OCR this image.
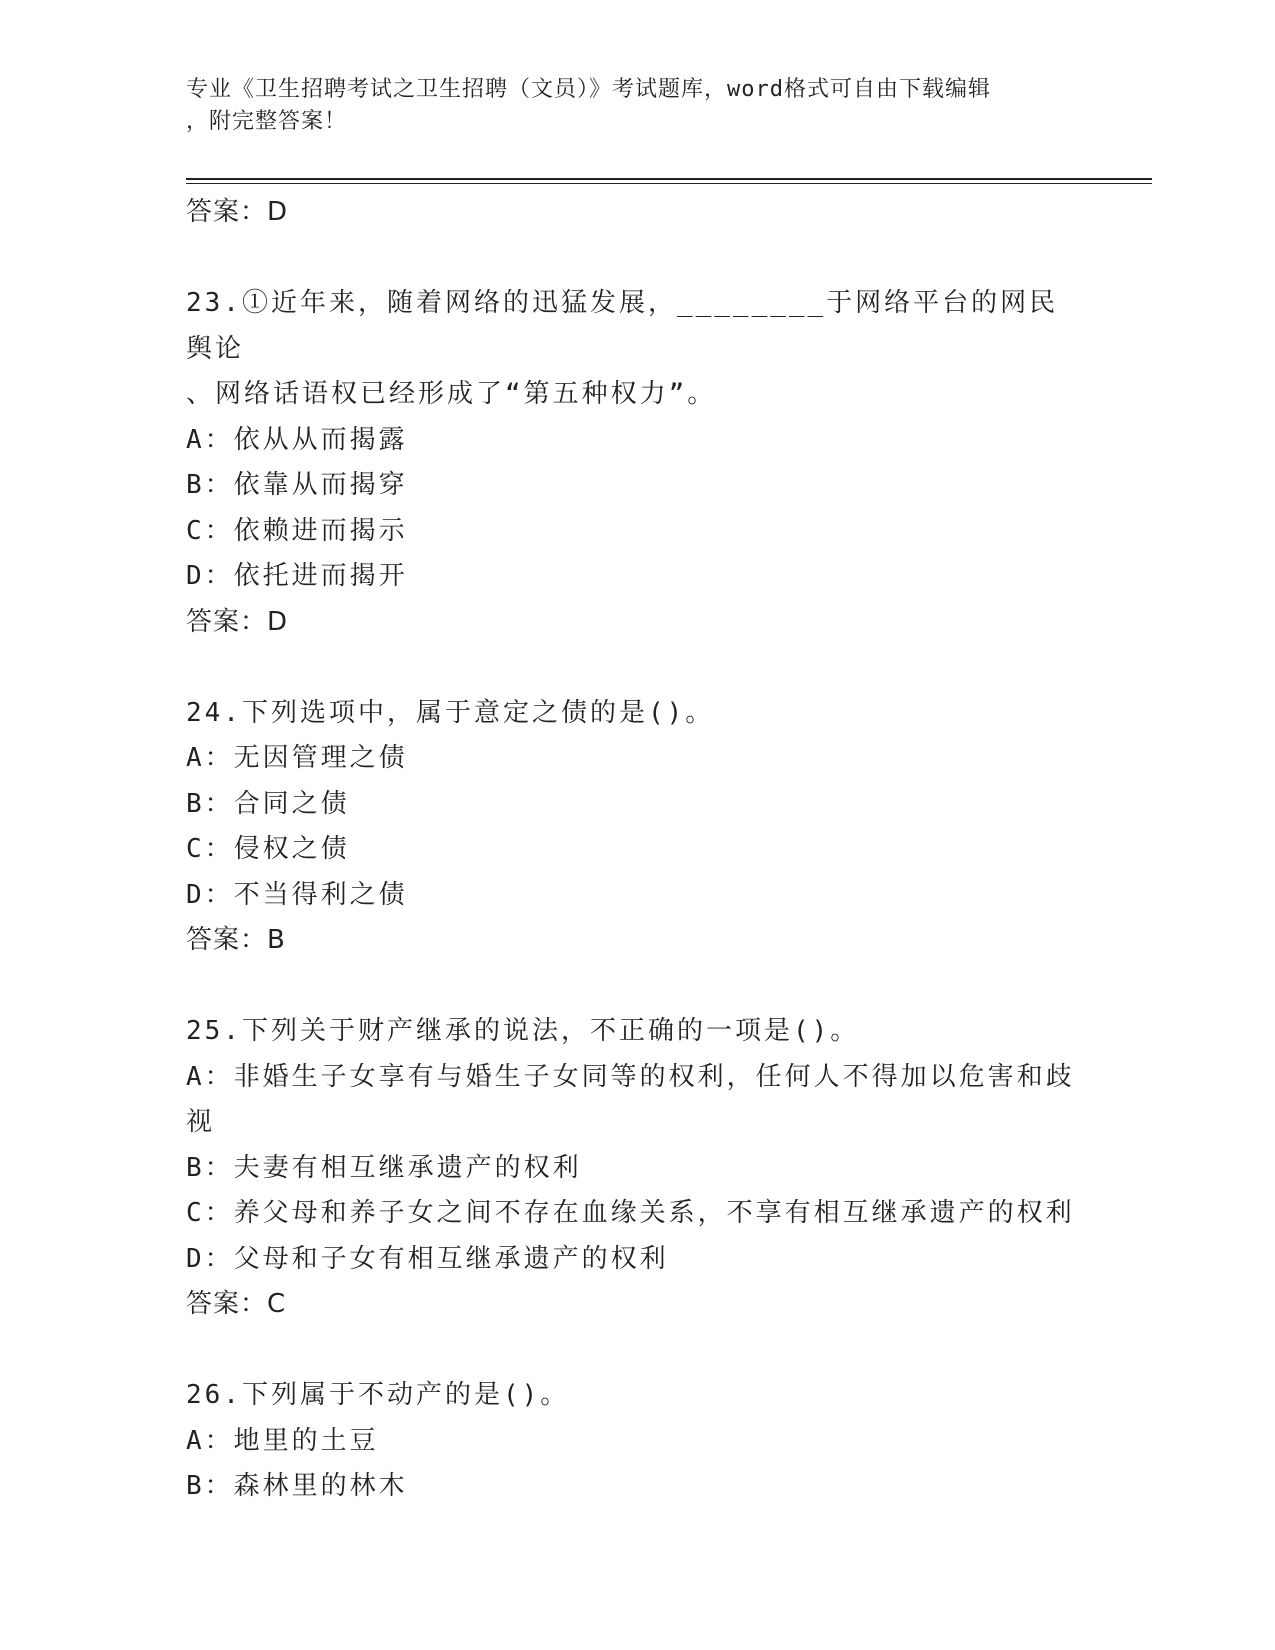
专业《卫生招聘考试之卫生招聘（文员）》考试题库，word格式可自由下载编辑
，附完整答案！
答案：D
23.①近年来，随着网络的迅猛发展，________于网络平台的网民舆论
、网络话语权已经形成了“第五种权力”。
A：依从从而揭露
B：依靠从而揭穿
C：依赖进而揭示
D：依托进而揭开
答案：D
24.下列选项中，属于意定之债的是()。
A：无因管理之债
B：合同之债
C：侵权之债
D：不当得利之债
答案：B
25.下列关于财产继承的说法，不正确的一项是()。
A：非婚生子女享有与婚生子女同等的权利，任何人不得加以危害和歧
视
B：夫妻有相互继承遗产的权利
C：养父母和养子女之间不存在血缘关系，不享有相互继承遗产的权利
D：父母和子女有相互继承遗产的权利
答案：C
26.下列属于不动产的是()。
A：地里的土豆
B：森林里的林木
